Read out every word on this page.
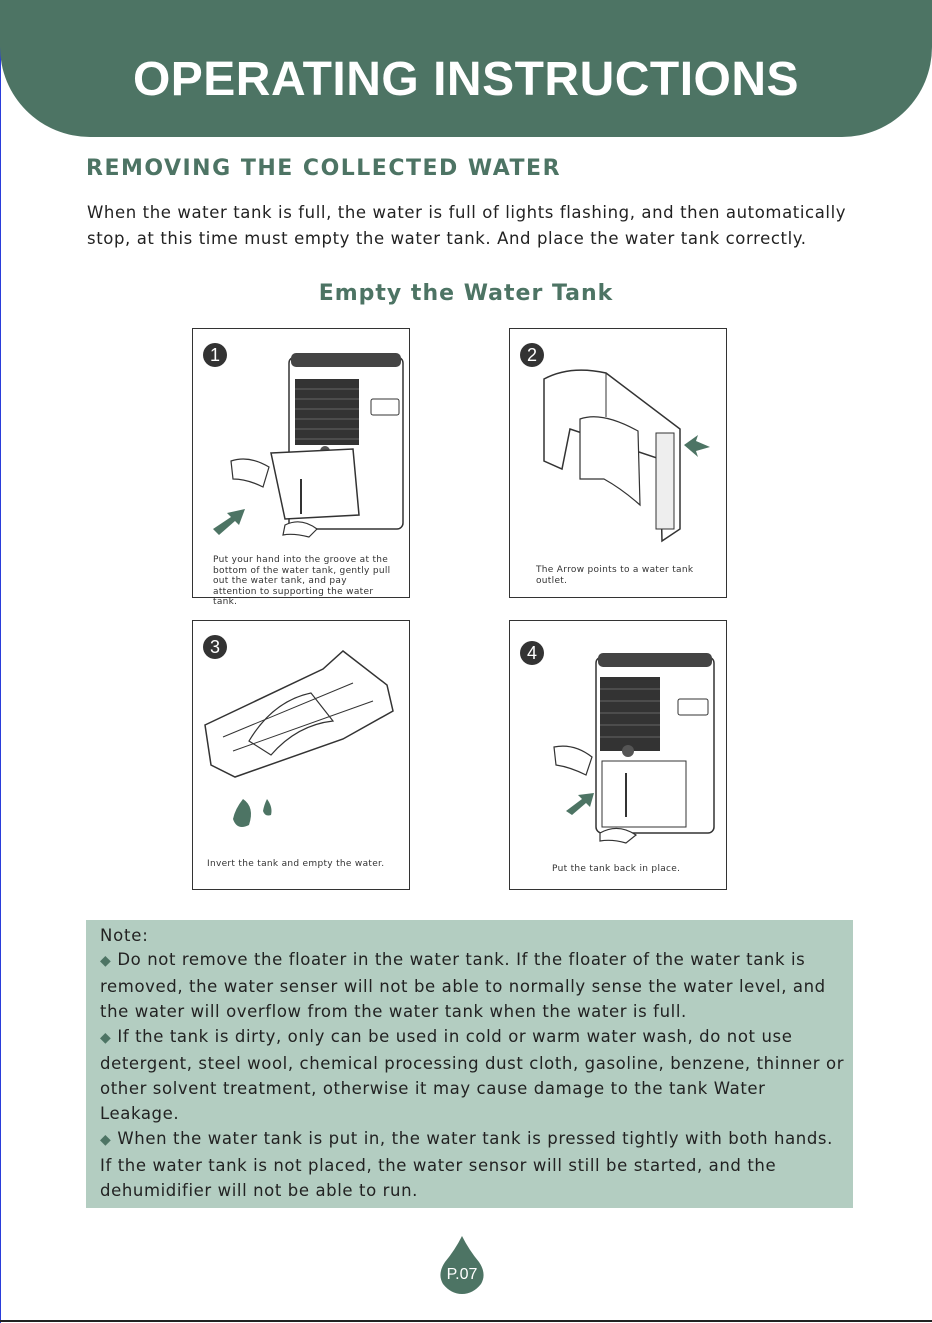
OPERATING INSTRUCTIONS
REMOVING THE COLLECTED WATER
When the water tank is full, the water is full of lights flashing, and then automatically stop, at this time must empty the water tank. And place the water tank correctly.
Empty the Water Tank
1
Put your hand into the groove at the bottom of the water tank, gently pull out the water tank, and pay attention to supporting the water tank.
2
The Arrow points to a water tank outlet.
3
Invert the tank and empty the water.
4
Put the tank back in place.
Note:

◆ Do not remove the floater in the water tank. If the floater of the water tank is removed, the water senser will not be able to normally sense the water level, and the water will overflow from the water tank when the water is full.

◆ If the tank is dirty, only can be used in cold or warm water wash, do not use detergent, steel wool, chemical processing dust cloth, gasoline, benzene, thinner or other solvent treatment, otherwise it may cause damage to the tank Water Leakage.

◆ When the water tank is put in, the water tank is pressed tightly with both hands. If the water tank is not placed, the water sensor will still be started, and the dehumidifier will not be able to run.

P.07
